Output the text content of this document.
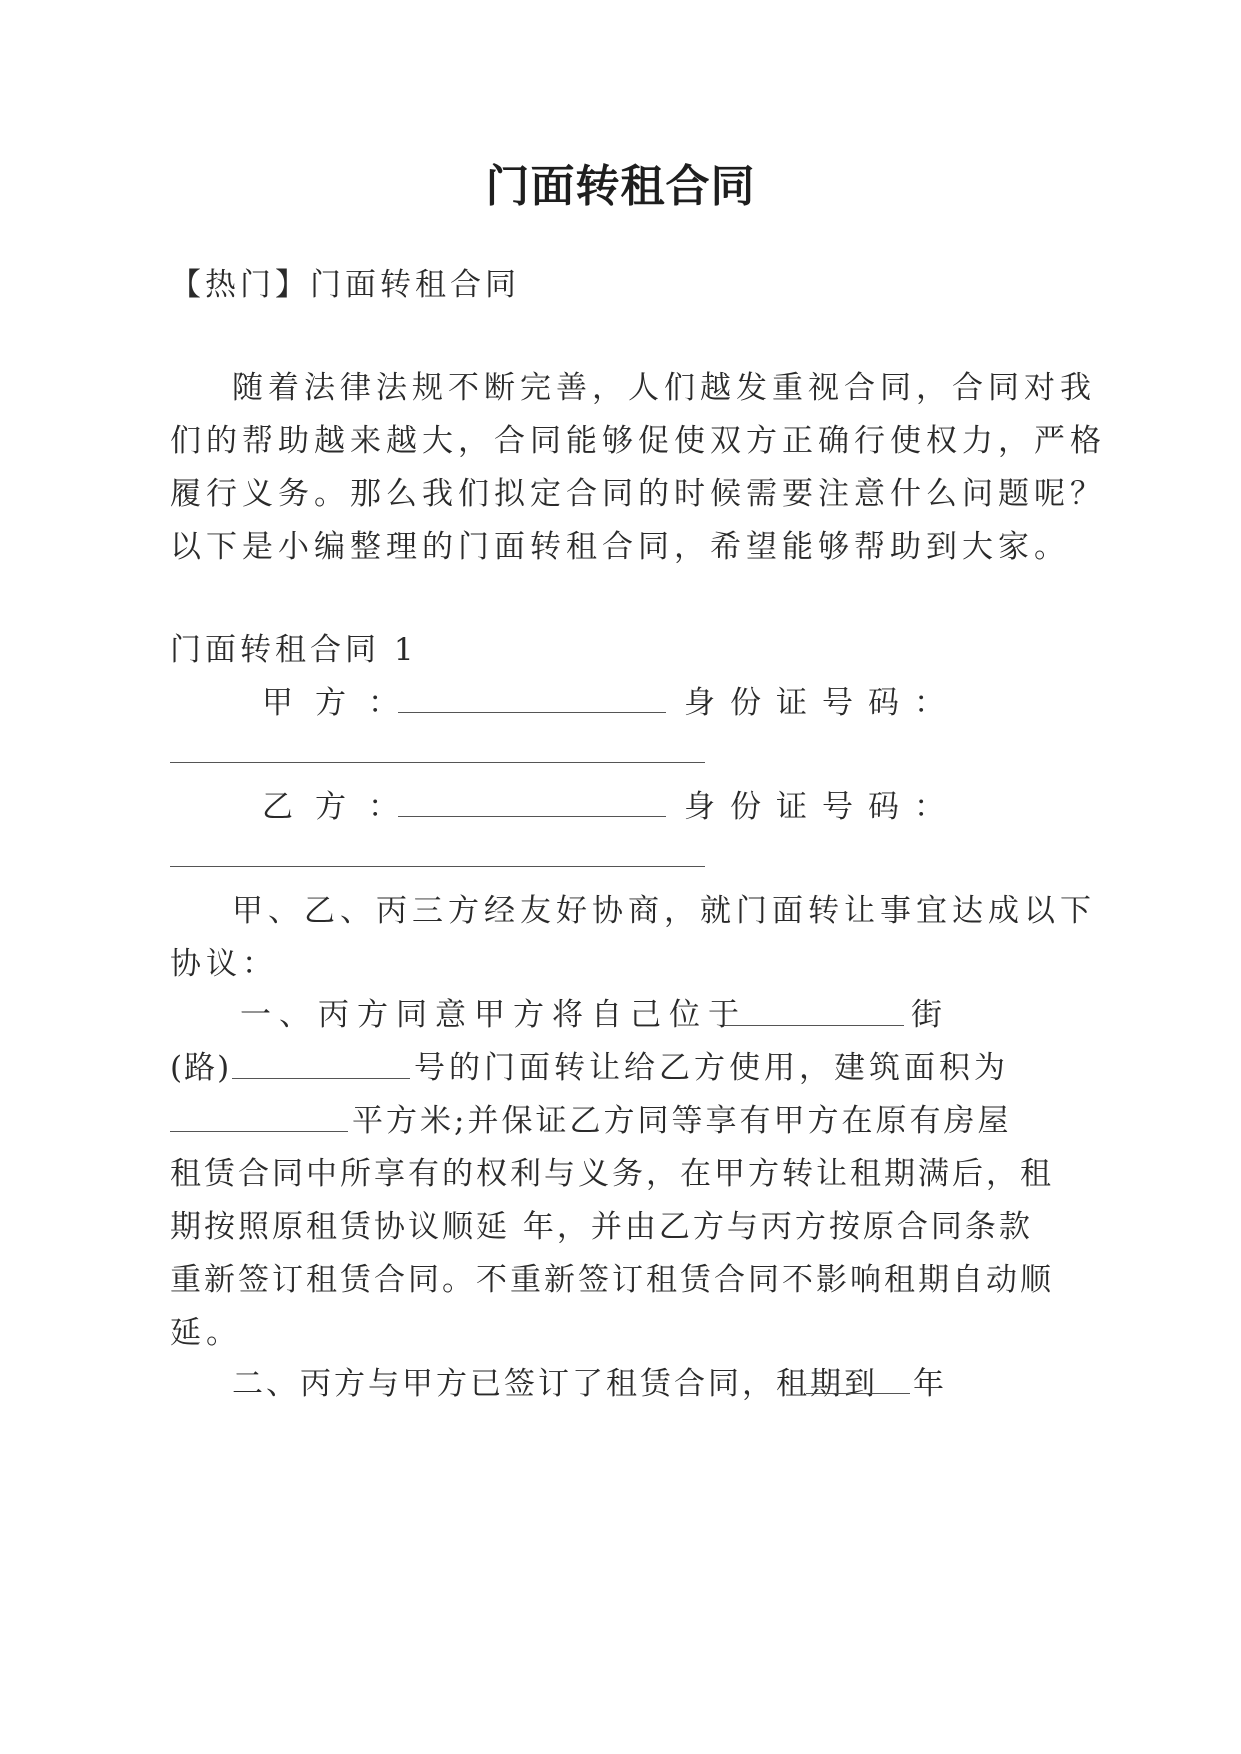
门面转租合同
【热门】门面转租合同
随着法律法规不断完善，人们越发重视合同，合同对我
们的帮助越来越大，合同能够促使双方正确行使权力，严格
履行义务。那么我们拟定合同的时候需要注意什么问题呢？
以下是小编整理的门面转租合同，希望能够帮助到大家。
门面转租合同 1
甲 方 ：	身 份 证 号 码 ：
乙 方 ：	身 份 证 号 码 ：
甲、乙、丙三方经友好协商，就门面转让事宜达成以下
协议：
一 、 丙 方 同 意 甲 方 将 自 己 位 于	街
(路)	号的门面转让给乙方使用，建筑面积为
平方米;并保证乙方同等享有甲方在原有房屋
租赁合同中所享有的权利与义务，在甲方转让租期满后，租
期按照原租赁协议顺延 年，并由乙方与丙方按原合同条款
重新签订租赁合同。不重新签订租赁合同不影响租期自动顺
延。
二、丙方与甲方已签订了租赁合同，租期到 年
